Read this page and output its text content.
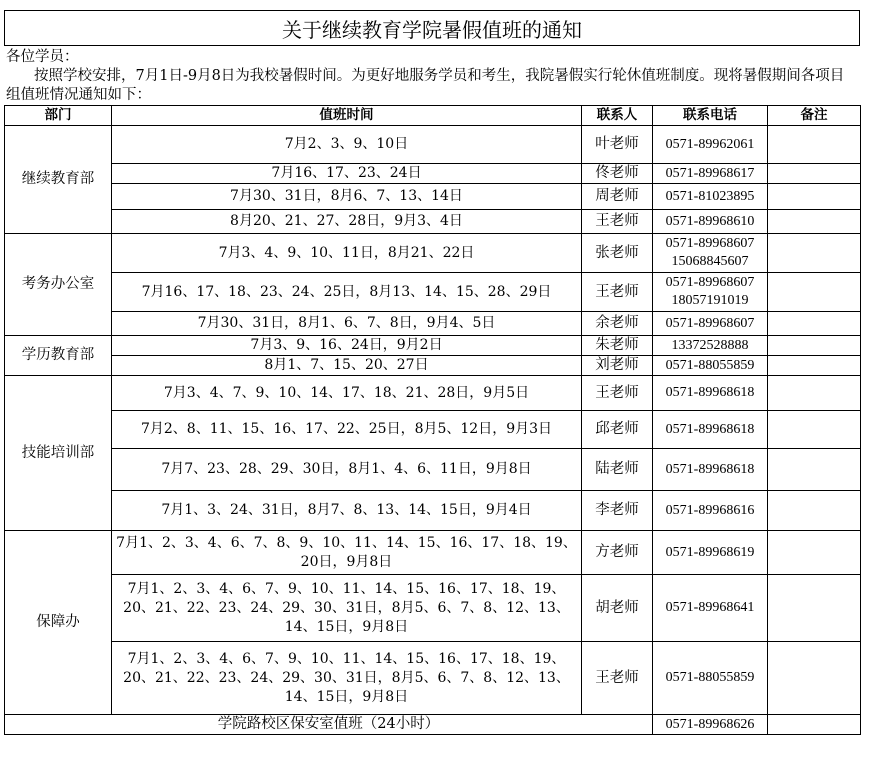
关于继续教育学院暑假值班的通知
各位学员：
按照学校安排，7月1日-9月8日为我校暑假时间。为更好地服务学员和考生，我院暑假实行轮休值班制度。现将暑假期间各项目组值班情况通知如下：
部门	值班时间	联系人	联系电话	备注
继续教育部	7月2、3、9、10日	叶老师	0571-89962061	

	7月16、17、23、24日	佟老师	0571-89968617	

	7月30、31日，8月6、7、13、14日	周老师	0571-81023895	

	8月20、21、27、28日，9月3、4日	王老师	0571-89968610	

考务办公室	7月3、4、9、10、11日，8月21、22日	张老师	0571-89968607
15068845607	

	7月16、17、18、23、24、25日，8月13、14、15、28、29日	王老师	0571-89968607
18057191019	

	7月30、31日，8月1、6、7、8日，9月4、5日	余老师	0571-89968607	

学历教育部	7月3、9、16、24日，9月2日	朱老师	13372528888	

	8月1、7、15、20、27日	刘老师	0571-88055859	

技能培训部	7月3、4、7、9、10、14、17、18、21、28日，9月5日	王老师	0571-89968618	

	7月2、8、11、15、16、17、22、25日，8月5、12日，9月3日	邱老师	0571-89968618	

	7月7、23、28、29、30日，8月1、4、6、11日，9月8日	陆老师	0571-89968618	

	7月1、3、24、31日，8月7、8、13、14、15日，9月4日	李老师	0571-89968616	

保障办	7月1、2、3、4、6、7、8、9、10、11、14、15、16、17、18、19、20日，9月8日	方老师	0571-89968619	

	7月1、2、3、4、6、7、9、10、11、14、15、16、17、18、19、20、21、22、23、24、29、30、31日，8月5、6、7、8、12、13、14、15日，9月8日	胡老师	0571-89968641	

	7月1、2、3、4、6、7、9、10、11、14、15、16、17、18、19、20、21、22、23、24、29、30、31日，8月5、6、7、8、12、13、14、15日，9月8日	王老师	0571-88055859	

学院路校区保安室值班（24小时）			0571-89968626	
